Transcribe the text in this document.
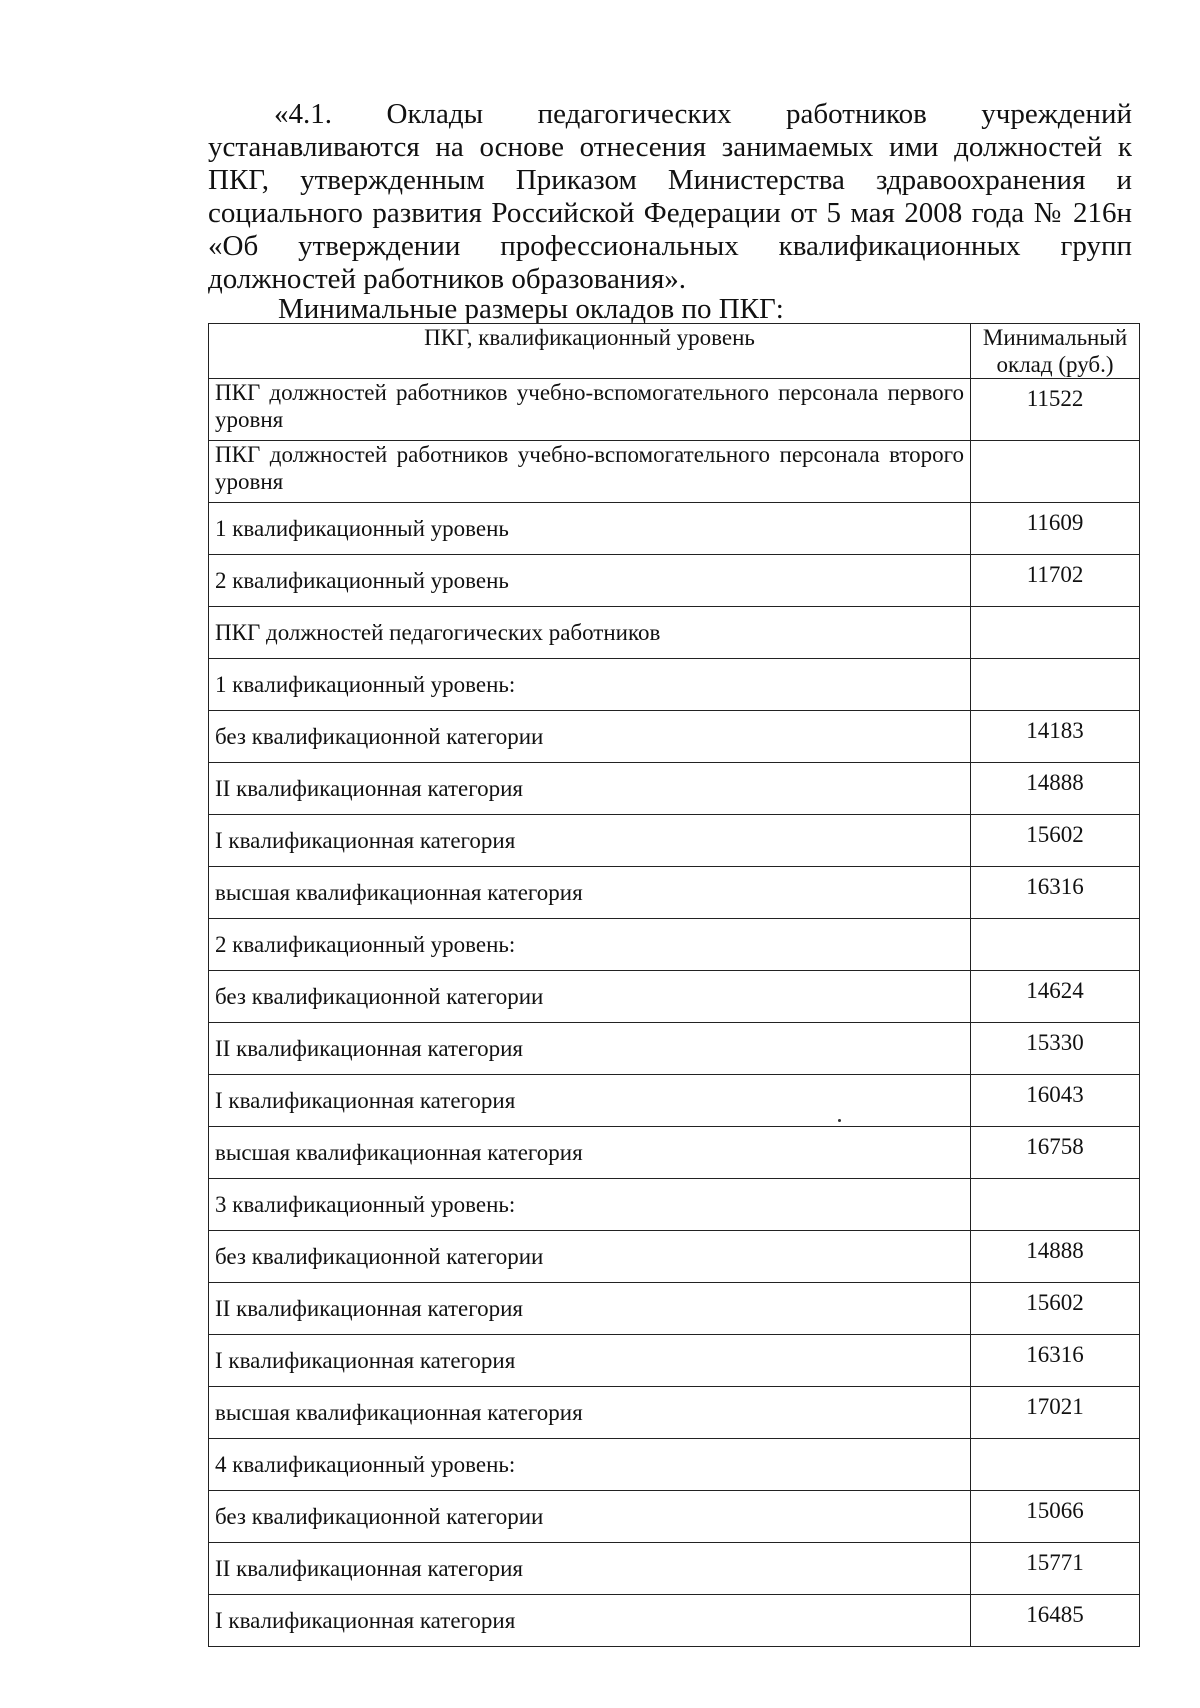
«4.1. Оклады педагогических работников учреждений устанавливаются на основе отнесения занимаемых ими должностей к ПКГ, утвержденным Приказом Министерства здравоохранения и социального развития Российской Федерации от 5 мая 2008 года № 216н «Об утверждении профессиональных квалификационных групп должностей работников образования».

Минимальные размеры окладов по ПКГ:
ПКГ, квалификационный уровень	Минимальный
оклад (руб.)
ПКГ должностей работников учебно-вспомогательного персонала первого уровня	11522
ПКГ должностей работников учебно-вспомогательного персонала второго уровня	
1 квалификационный уровень	11609
2 квалификационный уровень	11702
ПКГ должностей педагогических работников	
1 квалификационный уровень:	
без квалификационной категории	14183
II квалификационная категория	14888
I квалификационная категория	15602
высшая квалификационная категория	16316
2 квалификационный уровень:	
без квалификационной категории	14624
II квалификационная категория	15330
I квалификационная категория	16043
высшая квалификационная категория	16758
3 квалификационный уровень:	
без квалификационной категории	14888
II квалификационная категория	15602
I квалификационная категория	16316
высшая квалификационная категория	17021
4 квалификационный уровень:	
без квалификационной категории	15066
II квалификационная категория	15771
I квалификационная категория	16485
